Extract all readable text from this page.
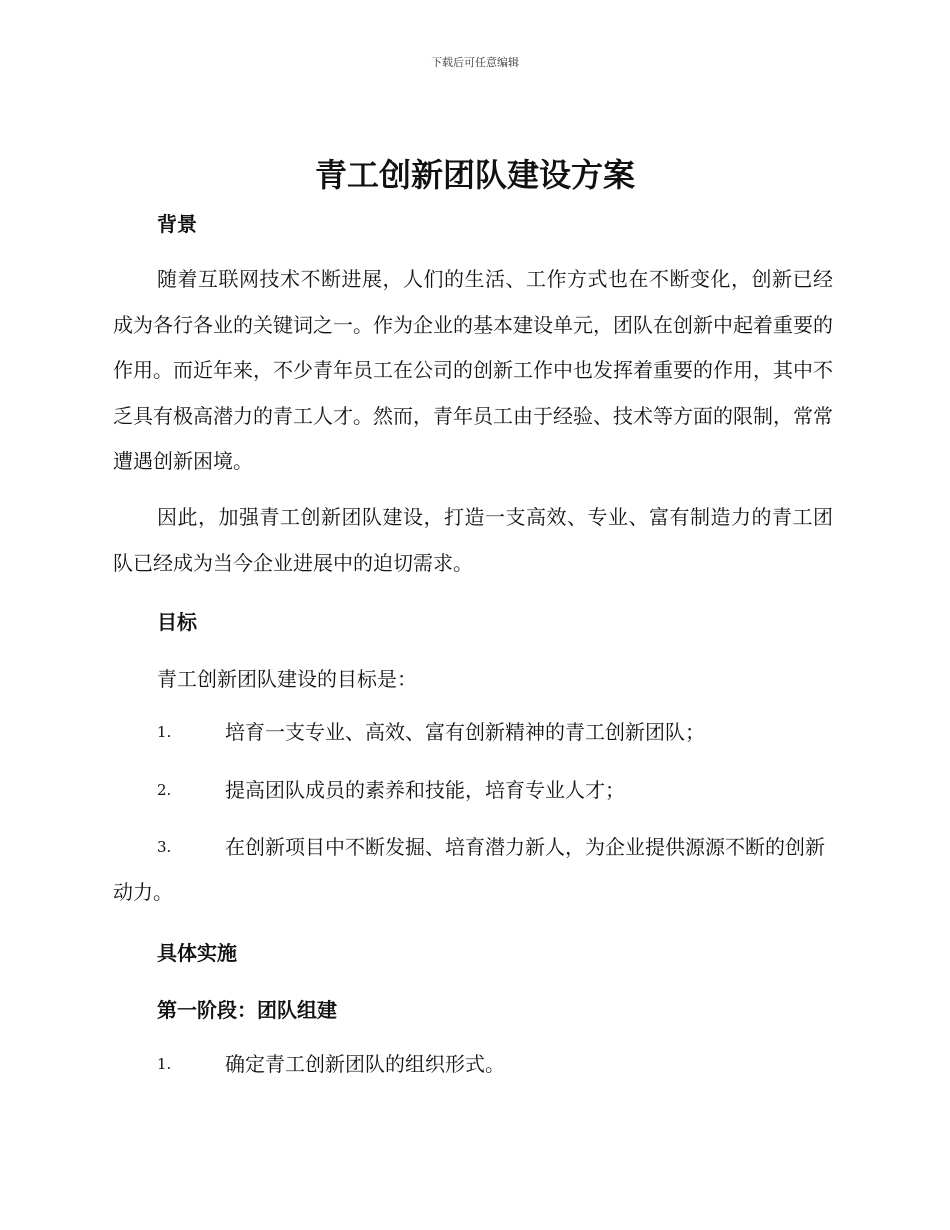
下载后可任意编辑
青工创新团队建设方案
背景
随着互联网技术不断进展，人们的生活、工作方式也在不断变化，创新已经成为各行各业的关键词之一。作为企业的基本建设单元，团队在创新中起着重要的作用。而近年来，不少青年员工在公司的创新工作中也发挥着重要的作用，其中不乏具有极高潜力的青工人才。然而，青年员工由于经验、技术等方面的限制，常常遭遇创新困境。
因此，加强青工创新团队建设，打造一支高效、专业、富有制造力的青工团队已经成为当今企业进展中的迫切需求。
目标
青工创新团队建设的目标是：
1.	培育一支专业、高效、富有创新精神的青工创新团队；
2.	提高团队成员的素养和技能，培育专业人才；
3.	在创新项目中不断发掘、培育潜力新人，为企业提供源源不断的创新动力。
具体实施
第一阶段：团队组建
1.	确定青工创新团队的组织形式。
